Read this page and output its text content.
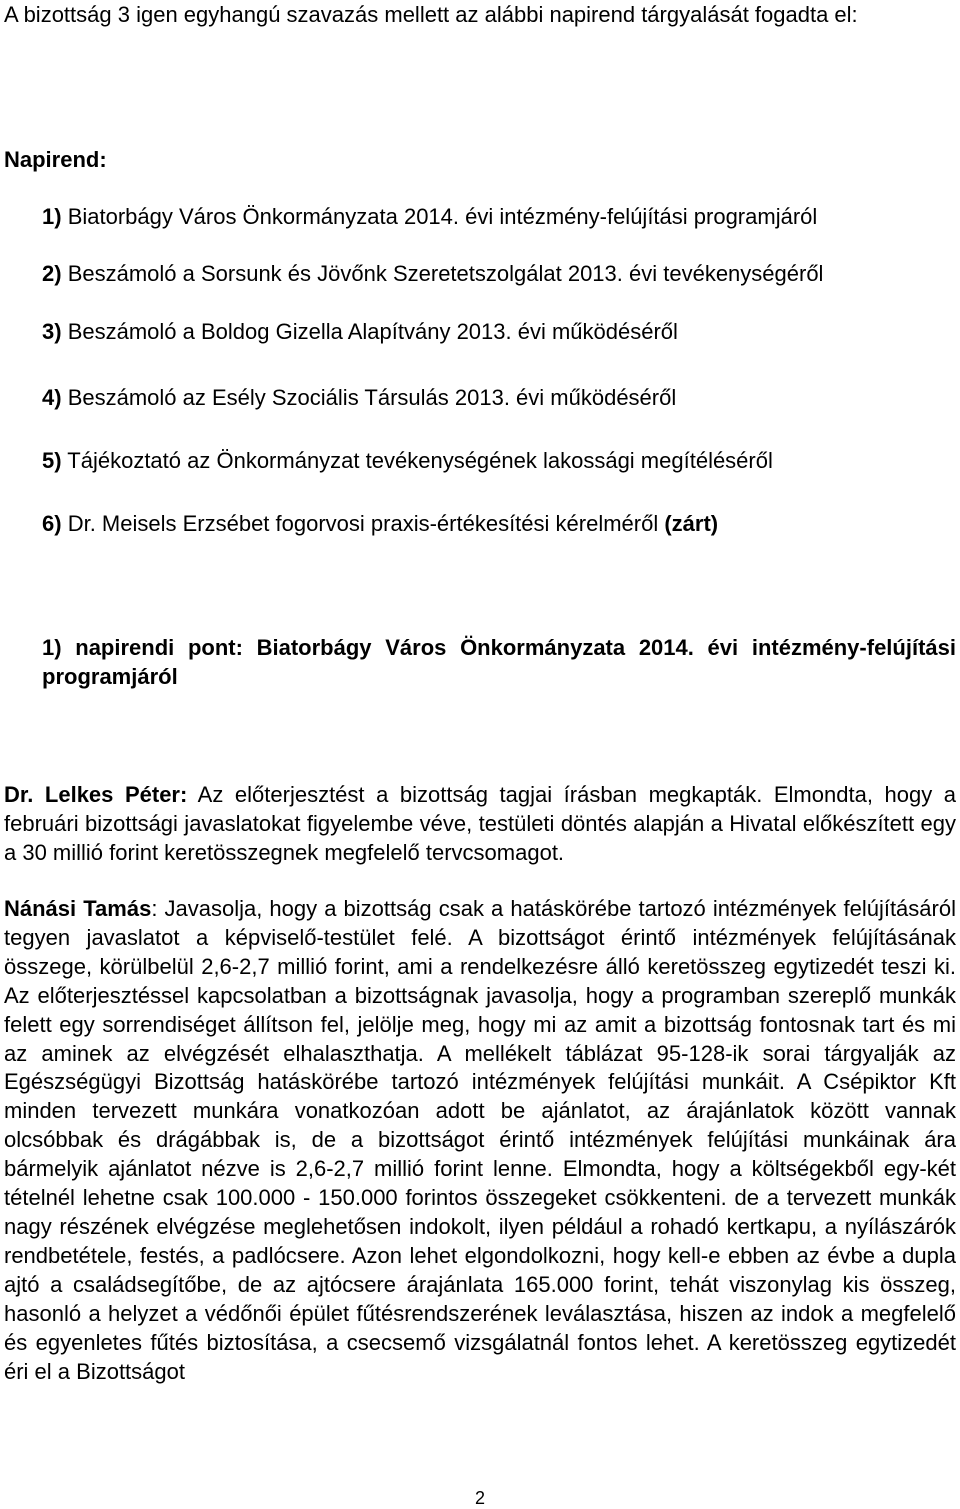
A bizottság 3 igen egyhangú szavazás mellett az alábbi napirend tárgyalását fogadta el:
Napirend:
1) Biatorbágy Város Önkormányzata 2014. évi intézmény-felújítási programjáról
2) Beszámoló a Sorsunk és Jövőnk Szeretetszolgálat 2013. évi tevékenységéről
3) Beszámoló a Boldog Gizella Alapítvány 2013. évi működéséről
4) Beszámoló az Esély Szociális Társulás 2013. évi működéséről
5) Tájékoztató az Önkormányzat tevékenységének lakossági megítéléséről
6) Dr. Meisels Erzsébet fogorvosi praxis-értékesítési kérelméről (zárt)
1) napirendi pont: Biatorbágy Város Önkormányzata 2014. évi intézmény-felújítási programjáról

Dr. Lelkes Péter: Az előterjesztést a bizottság tagjai írásban megkapták. Elmondta, hogy a februári bizottsági javaslatokat figyelembe véve, testületi döntés alapján a Hivatal előkészített egy a 30 millió forint keretösszegnek megfelelő tervcsomagot.

Nánási Tamás: Javasolja, hogy a bizottság csak a hatáskörébe tartozó intézmények felújításáról tegyen javaslatot a képviselő-testület felé. A bizottságot érintő intézmények felújításának összege, körülbelül 2,6-2,7 millió forint, ami a rendelkezésre álló keretösszeg egytizedét teszi ki. Az előterjesztéssel kapcsolatban a bizottságnak javasolja, hogy a programban szereplő munkák felett egy sorrendiséget állítson fel, jelölje meg, hogy mi az amit a bizottság fontosnak tart és mi az aminek az elvégzését elhalaszthatja. A mellékelt táblázat 95-128-ik sorai tárgyalják az Egészségügyi Bizottság hatáskörébe tartozó intézmények felújítási munkáit. A Csépiktor Kft minden tervezett munkára vonatkozóan adott be ajánlatot, az árajánlatok között vannak olcsóbbak és drágábbak is, de a bizottságot érintő intézmények felújítási munkáinak ára bármelyik ajánlatot nézve is 2,6-2,7 millió forint lenne. Elmondta, hogy a költségekből egy-két tételnél lehetne csak 100.000 - 150.000 forintos összegeket csökkenteni. de a tervezett munkák nagy részének elvégzése meglehetősen indokolt, ilyen például a rohadó kertkapu, a nyílászárók rendbetétele, festés, a padlócsere. Azon lehet elgondolkozni, hogy kell-e ebben az évbe a dupla ajtó a családsegítőbe, de az ajtócsere árajánlata 165.000 forint, tehát viszonylag kis összeg, hasonló a helyzet a védőnői épület fűtésrendszerének leválasztása, hiszen az indok a megfelelő és egyenletes fűtés biztosítása, a csecsemő vizsgálatnál fontos lehet. A keretösszeg egytizedét éri el a Bizottságot

2
